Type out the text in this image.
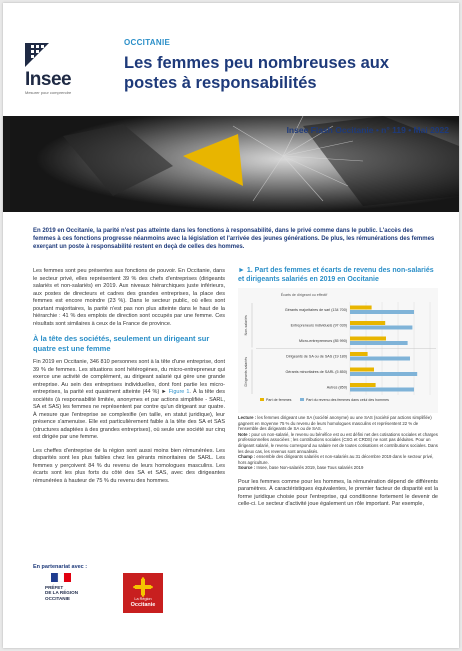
Insee
Mesurer pour comprendre
OCCITANIE
Les femmes peu nombreuses aux postes à responsabilités
Insee Flash Occitanie • n° 119 • Mai 2022
En 2019 en Occitanie, la parité n'est pas atteinte dans les fonctions à responsabilité, dans le privé comme dans le public. L'accès des femmes à ces fonctions progresse néanmoins avec la législation et l'arrivée des jeunes générations. De plus, les rémunérations des femmes exerçant un poste à responsabilité restent en deçà de celles des hommes.
Les femmes sont peu présentes aux fonctions de pouvoir. En Occitanie, dans le secteur privé, elles représentent 39 % des chefs d'entreprises (dirigeants salariés et non-salariés) en 2019. Aux niveaux hiérarchiques juste inférieurs, aux postes de directeurs et cadres des grandes entreprises, la place des femmes est encore moindre (23 %). Dans le secteur public, où elles sont pourtant majoritaires, la parité n'est pas non plus atteinte dans le haut de la hiérarchie : 41 % des emplois de direction sont occupés par une femme. Ces résultats sont similaires à ceux de la France de province.
À la tête des sociétés, seulement un dirigeant sur quatre est une femme
Fin 2019 en Occitanie, 346 810 personnes sont à la tête d'une entreprise, dont 39 % de femmes. Les situations sont hétérogènes, du micro-entrepreneur qui exerce une activité de complément, au dirigeant salarié qui gère une grande entreprise. Au sein des entreprises individuelles, dont font partie les micro-entreprises, la parité est quasiment atteinte (44 %) ► Figure 1. À la tête des sociétés (à responsabilité limitée, anonymes et par actions simplifiée - SARL, SA et SAS) les femmes ne représentent par contre qu'un dirigeant sur quatre. À mesure que l'entreprise se complexifie (en taille, en statut juridique), leur présence s'amenuise. Elle est particulièrement faible à la tête des SA et SAS (structures adaptées à des grandes entreprises), où seule une société sur cinq est dirigée par une femme.
Les cheffes d'entreprise de la région sont aussi moins bien rémunérées. Les disparités sont les plus faibles chez les gérants minoritaires de SARL. Les femmes y perçoivent 84 % du revenu de leurs homologues masculins. Les écarts sont les plus forts du côté des SA et SAS, avec des dirigeantes rémunérées à hauteur de 75 % du revenu des hommes.
► 1. Part des femmes et écarts de revenu des non-salariés et dirigeants salariés en 2019 en Occitanie
Écarts de dirigeant ou effectif
Non-salariés
Dirigeants salariés
Gérants majoritaires de sarl (134 700)
Entrepreneurs individuels (97 030)
Micro-entrepreneurs (85 990)
Dirigeants de SA ou de SAS (19 180)
Gérants minoritaires de SARL (5 850)
Autres (850)
Part de femmes	Part du revenu des femmes dans celui des hommes
Lecture : les femmes dirigeant une SA (société anonyme) ou une SAS (société par actions simplifiée) gagnent en moyenne 75 % du revenu de leurs homologues masculins et représentent 22 % de l'ensemble des dirigeants de SA ou de SAS.
Note : pour un non-salarié, le revenu ou bénéfice est ou est défini net des cotisations sociales et charges professionnelles associées ; les contributions sociales (CSG et CRDS) ne sont pas déduites. Pour un dirigeant salarié, le revenu correspond au salaire net de toutes cotisations et contributions sociales. Dans les deux cas, les revenus sont annualisés.
Champ : ensemble des dirigeants salariés et non-salariés au 31 décembre 2019 dans le secteur privé, hors agriculture.
Source : Insee, base Non-salariés 2019, base Tous salariés 2019
Pour les femmes comme pour les hommes, la rémunération dépend de différents paramètres. À caractéristiques équivalentes, le premier facteur de disparité est la forme juridique choisie pour l'entreprise, qui conditionne fortement le devenir de celle-ci. Le secteur d'activité joue également un rôle important. Par exemple,
En partenariat avec :
PRÉFET
DE LA RÉGION
OCCITANIE	La Région
Occitanie
